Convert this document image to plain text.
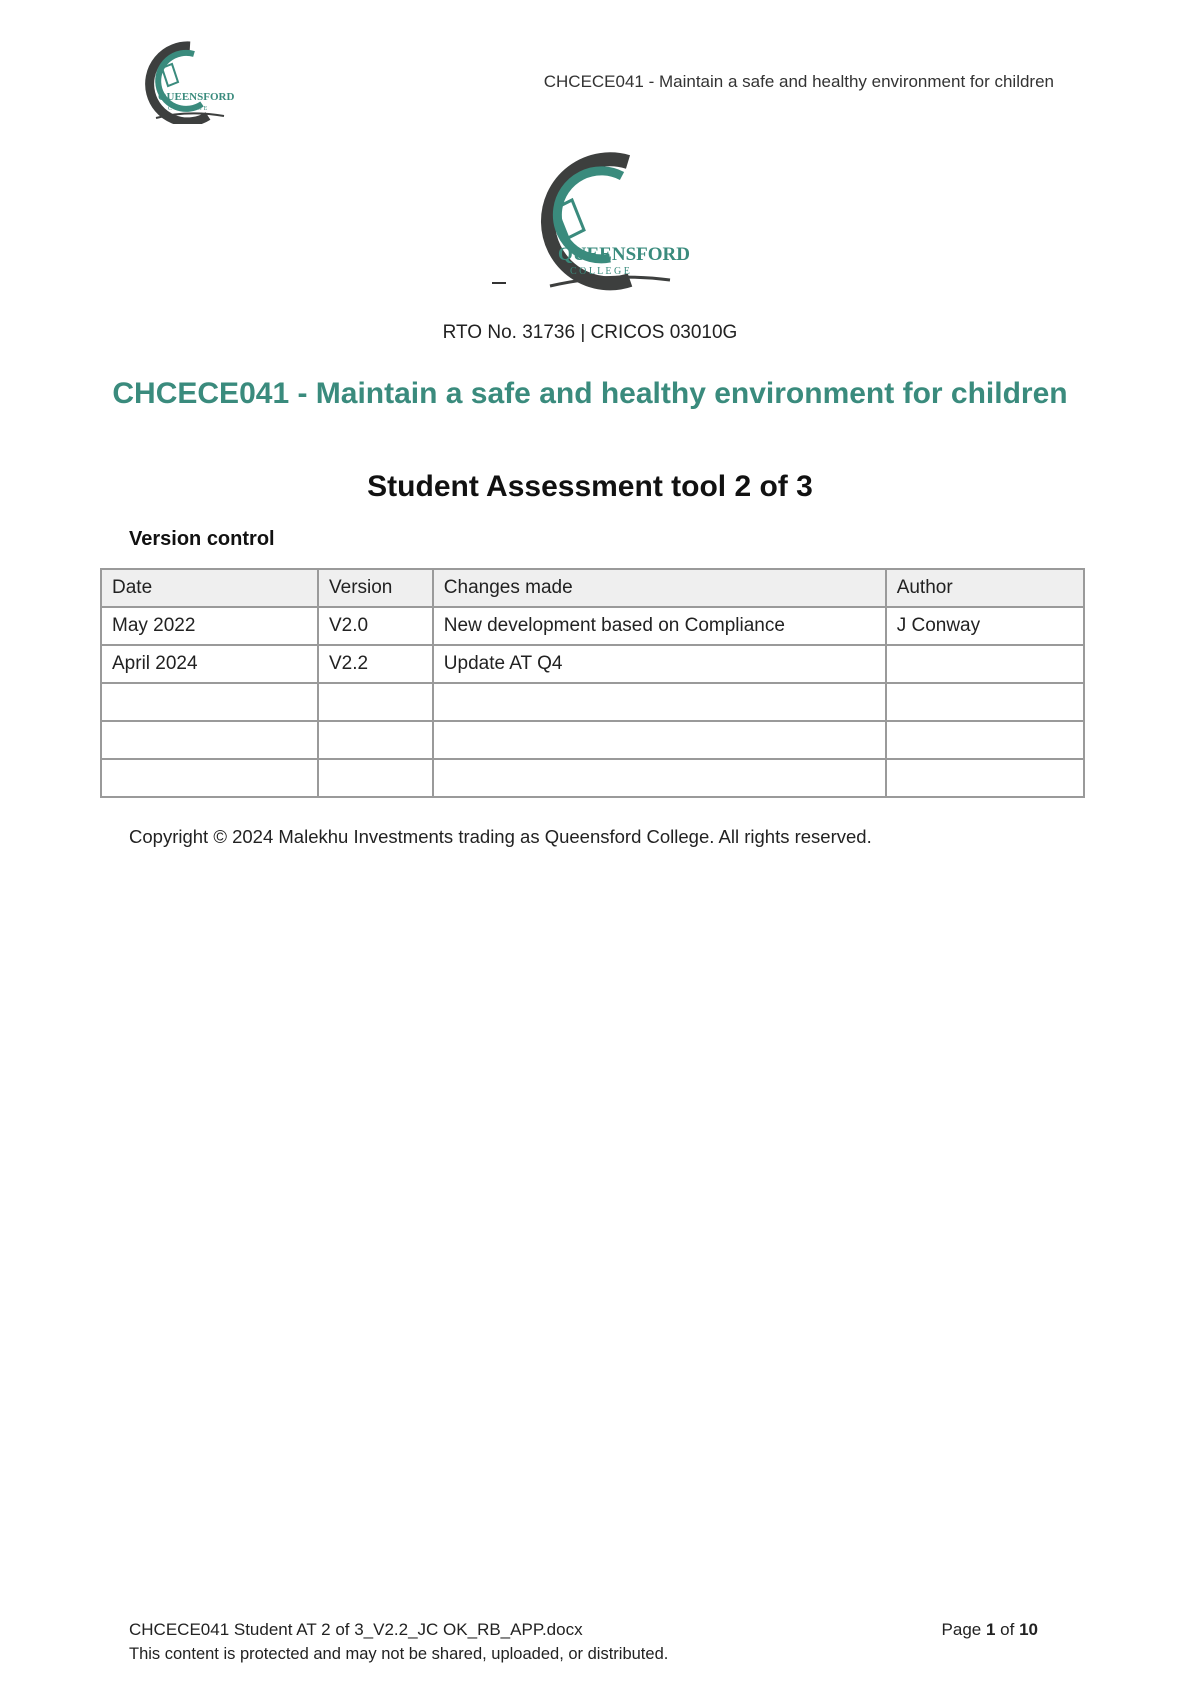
QUEENSFORD
COLLEGE
CHCECE041 - Maintain a safe and healthy environment for children
QUEENSFORD
C O L L E G E
RTO No. 31736 | CRICOS 03010G
CHCECE041 - Maintain a safe and healthy environment for children
Student Assessment tool 2 of 3
Version control
Date	Version	Changes made	Author
May 2022	V2.0	New development based on Compliance	J Conway
April 2024	V2.2	Update AT Q4	

Copyright © 2024 Malekhu Investments trading as Queensford College. All rights reserved.
CHCECE041 Student AT 2 of 3_V2.2_JC OK_RB_APP.docx	Page 1 of 10
This content is protected and may not be shared, uploaded, or distributed.
